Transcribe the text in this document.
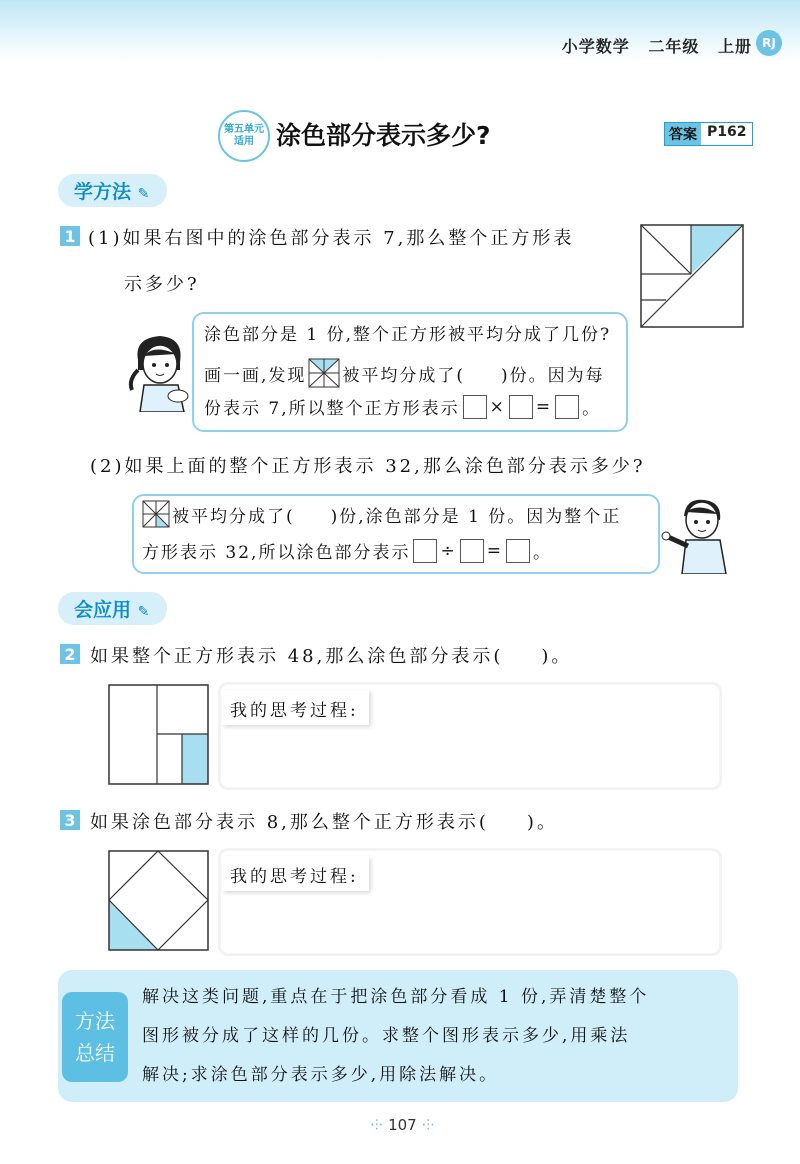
小学数学 二年级 上册 RJ
第五单元
适用 涂色部分表示多少?	答案 P162
学方法 ✎
1 (1)如果右图中的涂色部分表示 7,那么整个正方形表
示多少?
涂色部分是 1 份,整个正方形被平均分成了几份?
画一画,发现 被平均分成了( )份。因为每
份表示 7,所以整个正方形表示 × = 。
(2)如果上面的整个正方形表示 32,那么涂色部分表示多少?
被平均分成了( )份,涂色部分是 1 份。因为整个正
方形表示 32,所以涂色部分表示 ÷ = 。
会应用 ✎
2 如果整个正方形表示 48,那么涂色部分表示( )。
我的思考过程:
3 如果涂色部分表示 8,那么整个正方形表示( )。
我的思考过程:
方法
总结
解决这类问题,重点在于把涂色部分看成 1 份,弄清楚整个
图形被分成了这样的几份。求整个图形表示多少,用乘法
解决;求涂色部分表示多少,用除法解决。
·⫶· 107 ·⫶·
